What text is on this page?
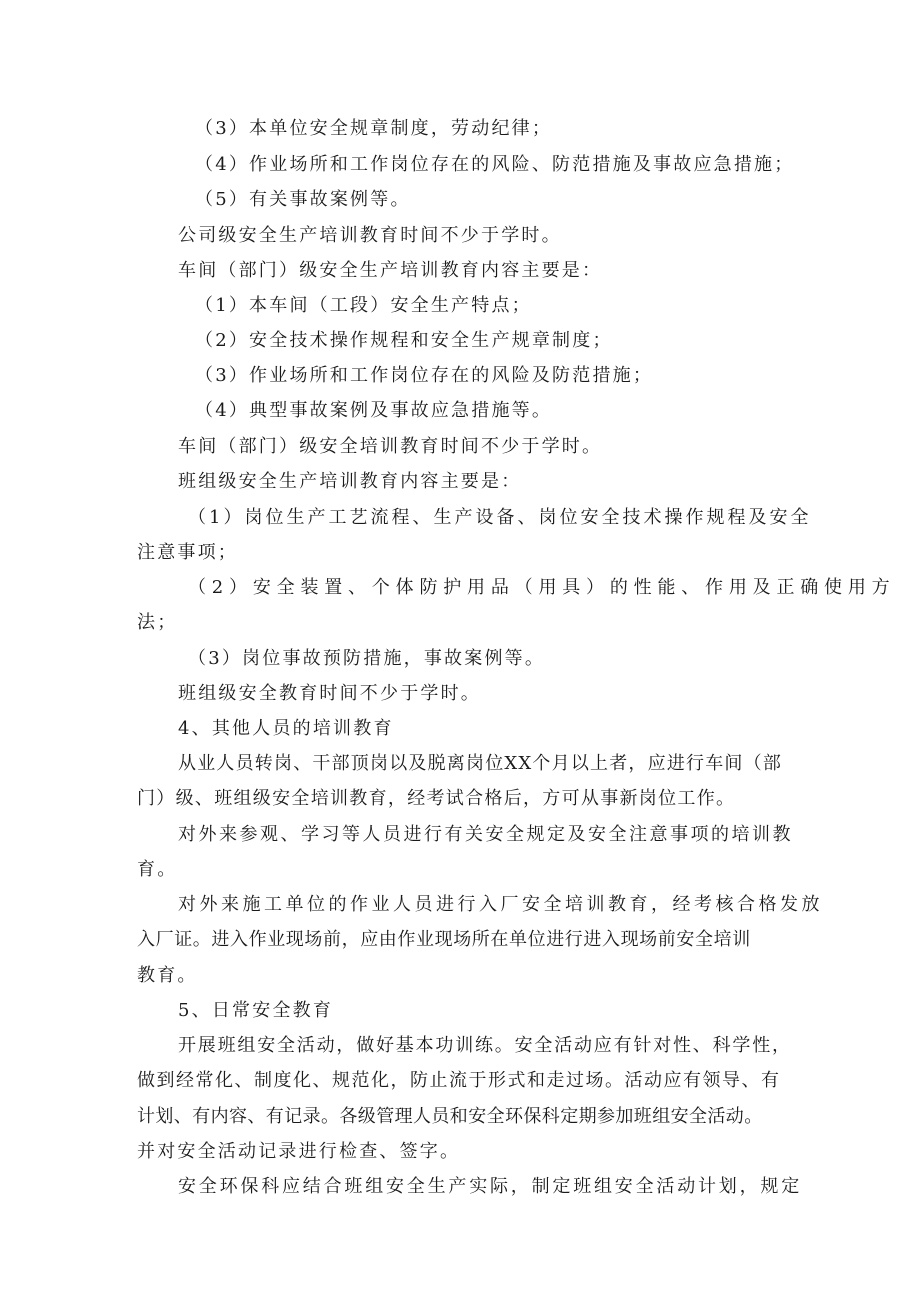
（3）本单位安全规章制度，劳动纪律；
（4）作业场所和工作岗位存在的风险、防范措施及事故应急措施；
（5）有关事故案例等。
公司级安全生产培训教育时间不少于学时。
车间（部门）级安全生产培训教育内容主要是：
（1）本车间（工段）安全生产特点；
（2）安全技术操作规程和安全生产规章制度；
（3）作业场所和工作岗位存在的风险及防范措施；
（4）典型事故案例及事故应急措施等。
车间（部门）级安全培训教育时间不少于学时。
班组级安全生产培训教育内容主要是：
（1）岗位生产工艺流程、生产设备、岗位安全技术操作规程及安全
注意事项；
（2）安全装置、个体防护用品（用具）的性能、作用及正确使用方
法；
（3）岗位事故预防措施，事故案例等。
班组级安全教育时间不少于学时。
4、其他人员的培训教育
从业人员转岗、干部顶岗以及脱离岗位XX个月以上者，应进行车间（部
门）级、班组级安全培训教育，经考试合格后，方可从事新岗位工作。
对外来参观、学习等人员进行有关安全规定及安全注意事项的培训教
育。
对外来施工单位的作业人员进行入厂安全培训教育，经考核合格发放
入厂证。进入作业现场前，应由作业现场所在单位进行进入现场前安全培训
教育。
5、日常安全教育
开展班组安全活动，做好基本功训练。安全活动应有针对性、科学性，
做到经常化、制度化、规范化，防止流于形式和走过场。活动应有领导、有
计划、有内容、有记录。各级管理人员和安全环保科定期参加班组安全活动。
并对安全活动记录进行检查、签字。
安全环保科应结合班组安全生产实际，制定班组安全活动计划，规定
